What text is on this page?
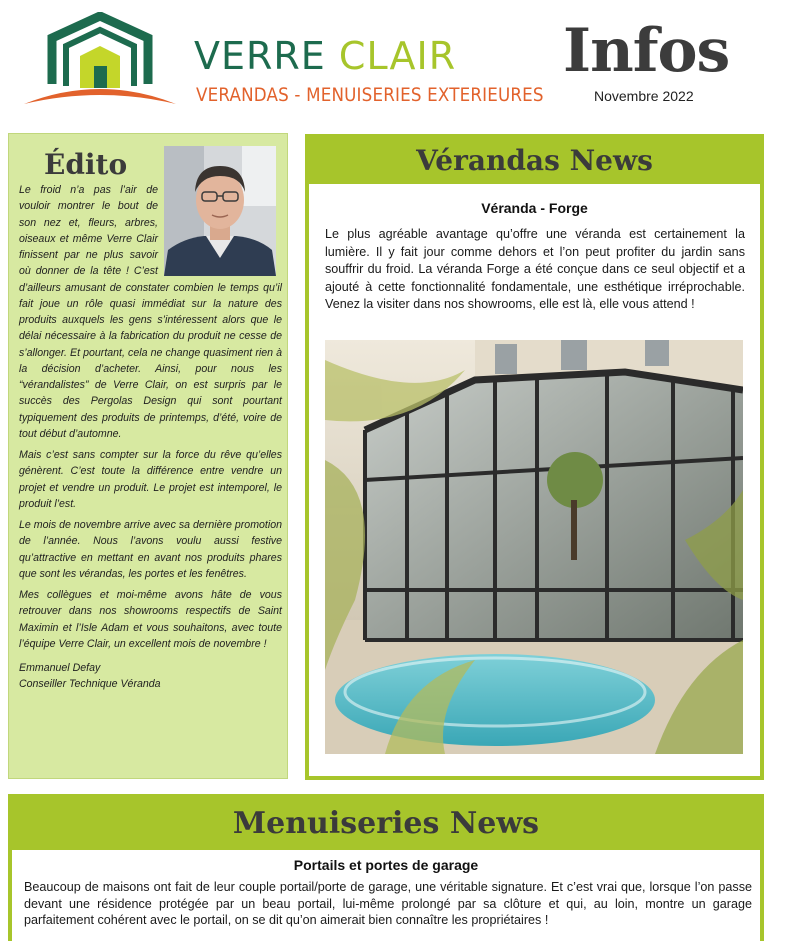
VERRE CLAIR
VERANDAS - MENUISERIES EXTERIEURES
Infos
Novembre 2022
Édito

Le froid n’a pas l’air de vouloir montrer le bout de son nez et, fleurs, arbres, oiseaux et même Verre Clair finissent par ne plus savoir où donner de la tête ! C’est d’ailleurs amusant de constater combien le temps qu’il fait joue un rôle quasi immédiat sur la nature des produits auxquels les gens s’intéressent alors que le délai nécessaire à la fabrication du produit ne cesse de s’allonger. Et pourtant, cela ne change quasiment rien à la décision d’acheter. Ainsi, pour nous les “vérandalistes” de Verre Clair, on est surpris par le succès des Pergolas Design qui sont pourtant typiquement des produits de printemps, d’été, voire de tout début d’automne.

Mais c’est sans compter sur la force du rêve qu’elles génèrent. C’est toute la différence entre vendre un projet et vendre un produit. Le projet est intemporel, le produit l’est.

Le mois de novembre arrive avec sa dernière promotion de l’année. Nous l’avons voulu aussi festive qu’attractive en mettant en avant nos produits phares que sont les vérandas, les portes et les fenêtres.

Mes collègues et moi-même avons hâte de vous retrouver dans nos showrooms respectifs de Saint Maximin et l’Isle Adam et vous souhaitons, avec toute l’équipe Verre Clair, un excellent mois de novembre !

Emmanuel Defay
Conseiller Technique Véranda
Vérandas News
Véranda - Forge
Le plus agréable avantage qu’offre une véranda est certainement la lumière. Il y fait jour comme dehors et l’on peut profiter du jardin sans souffrir du froid. La véranda Forge a été conçue dans ce seul objectif et a ajouté à cette fonctionnalité fondamentale, une esthétique irréprochable. Venez la visiter dans nos showrooms, elle est là, elle vous attend !
Menuiseries News
Portails et portes de garage
Beaucoup de maisons ont fait de leur couple portail/porte de garage, une véritable signature. Et c’est vrai que, lorsque l’on passe devant une résidence protégée par un beau portail, lui-même prolongé par sa clôture et qui, au loin, montre un garage parfaitement cohérent avec le portail, on se dit qu’on aimerait bien connaître les propriétaires !
